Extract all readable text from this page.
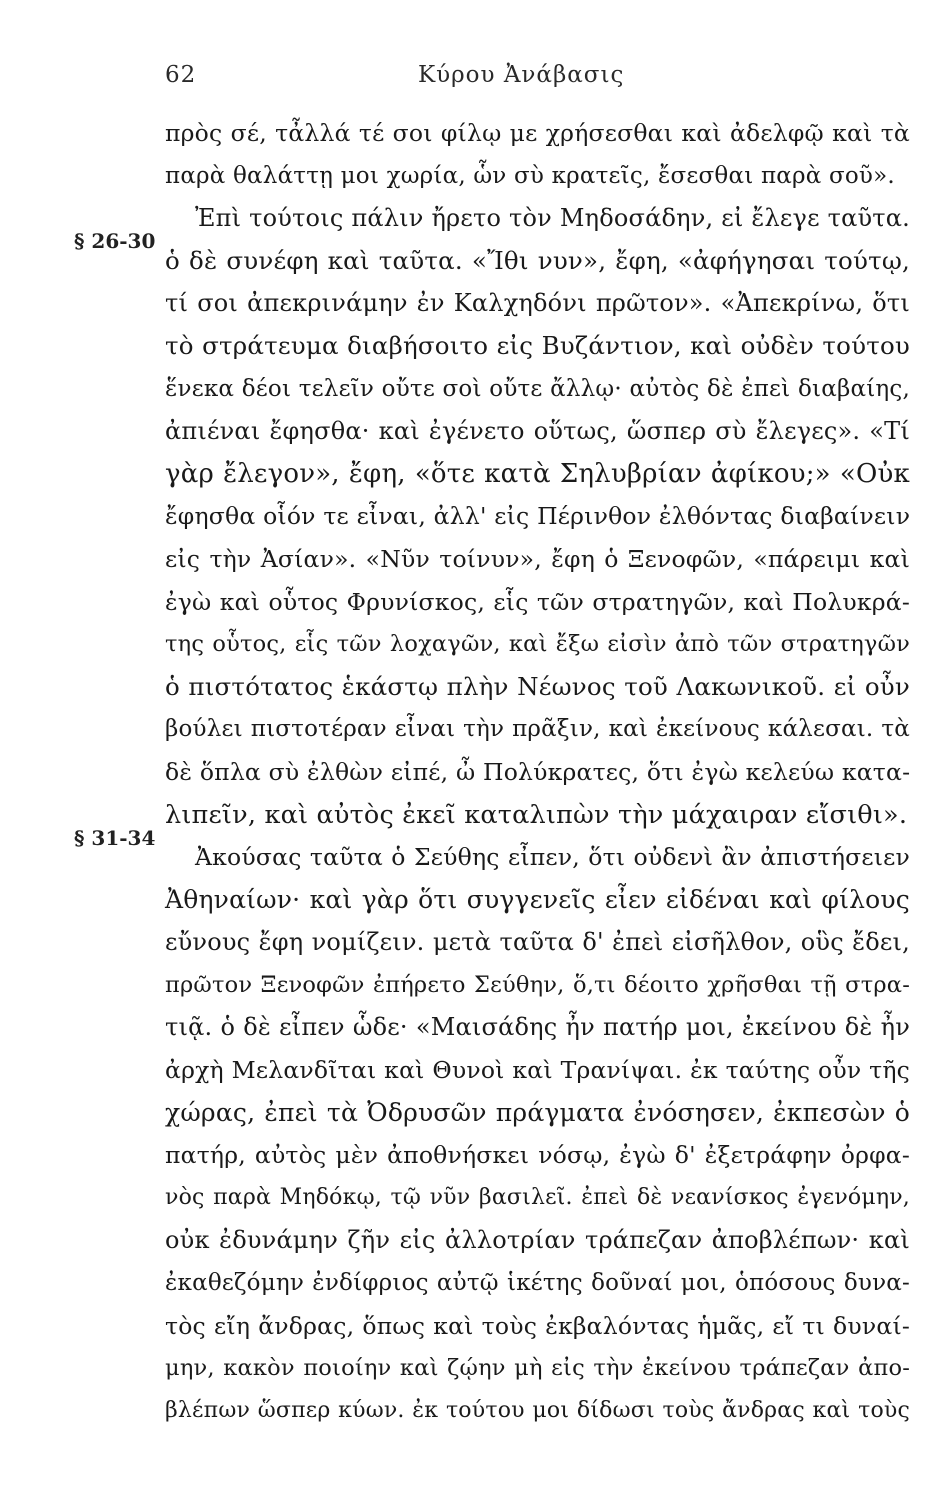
62	Κύρου Ἀνάβασις
§ 26-30
§ 31-34
πρὸς σέ, τἆλλά τέ σοι φίλῳ με χρήσεσθαι καὶ ἀδελφῷ καὶ τὰ
παρὰ θαλάττῃ μοι χωρία, ὧν σὺ κρατεῖς, ἔσεσθαι παρὰ σοῦ».
Ἐπὶ τούτοις πάλιν ἤρετο τὸν Μηδοσάδην, εἰ ἔλεγε ταῦτα.
ὁ δὲ συνέφη καὶ ταῦτα. «Ἴθι νυν», ἔφη, «ἀφήγησαι τούτῳ,
τί σοι ἀπεκρινάμην ἐν Καλχηδόνι πρῶτον». «Ἀπεκρίνω, ὅτι
τὸ στράτευμα διαβήσοιτο εἰς Βυζάντιον, καὶ οὐδὲν τούτου
ἕνεκα δέοι τελεῖν οὔτε σοὶ οὔτε ἄλλῳ· αὐτὸς δὲ ἐπεὶ διαβαίης,
ἀπιέναι ἔφησθα· καὶ ἐγένετο οὕτως, ὥσπερ σὺ ἔλεγες». «Τί
γὰρ ἔλεγον», ἔφη, «ὅτε κατὰ Σηλυβρίαν ἀφίκου;» «Οὐκ
ἔφησθα οἷόν τε εἶναι, ἀλλ' εἰς Πέρινθον ἐλθόντας διαβαίνειν
εἰς τὴν Ἀσίαν». «Νῦν τοίνυν», ἔφη ὁ Ξενοφῶν, «πάρειμι καὶ
ἐγὼ καὶ οὗτος Φρυνίσκος, εἷς τῶν στρατηγῶν, καὶ Πολυκρά-
της οὗτος, εἷς τῶν λοχαγῶν, καὶ ἔξω εἰσὶν ἀπὸ τῶν στρατηγῶν
ὁ πιστότατος ἑκάστῳ πλὴν Νέωνος τοῦ Λακωνικοῦ. εἰ οὖν
βούλει πιστοτέραν εἶναι τὴν πρᾶξιν, καὶ ἐκείνους κάλεσαι. τὰ
δὲ ὅπλα σὺ ἐλθὼν εἰπέ, ὦ Πολύκρατες, ὅτι ἐγὼ κελεύω κατα-
λιπεῖν, καὶ αὐτὸς ἐκεῖ καταλιπὼν τὴν μάχαιραν εἴσιθι».
Ἀκούσας ταῦτα ὁ Σεύθης εἶπεν, ὅτι οὐδενὶ ἂν ἀπιστήσειεν
Ἀθηναίων· καὶ γὰρ ὅτι συγγενεῖς εἶεν εἰδέναι καὶ φίλους
εὔνους ἔφη νομίζειν. μετὰ ταῦτα δ' ἐπεὶ εἰσῆλθον, οὓς ἔδει,
πρῶτον Ξενοφῶν ἐπήρετο Σεύθην, ὅ,τι δέοιτο χρῆσθαι τῇ στρα-
τιᾷ. ὁ δὲ εἶπεν ὧδε· «Μαισάδης ἦν πατήρ μοι, ἐκείνου δὲ ἦν
ἀρχὴ Μελανδῖται καὶ Θυνοὶ καὶ Τρανίψαι. ἐκ ταύτης οὖν τῆς
χώρας, ἐπεὶ τὰ Ὀδρυσῶν πράγματα ἐνόσησεν, ἐκπεσὼν ὁ
πατήρ, αὐτὸς μὲν ἀποθνήσκει νόσῳ, ἐγὼ δ' ἐξετράφην ὀρφα-
νὸς παρὰ Μηδόκῳ, τῷ νῦν βασιλεῖ. ἐπεὶ δὲ νεανίσκος ἐγενόμην,
οὐκ ἐδυνάμην ζῆν εἰς ἀλλοτρίαν τράπεζαν ἀποβλέπων· καὶ
ἐκαθεζόμην ἐνδίφριος αὐτῷ ἱκέτης δοῦναί μοι, ὁπόσους δυνα-
τὸς εἴη ἄνδρας, ὅπως καὶ τοὺς ἐκβαλόντας ἡμᾶς, εἴ τι δυναί-
μην, κακὸν ποιοίην καὶ ζῴην μὴ εἰς τὴν ἐκείνου τράπεζαν ἀπο-
βλέπων ὥσπερ κύων. ἐκ τούτου μοι δίδωσι τοὺς ἄνδρας καὶ τοὺς
